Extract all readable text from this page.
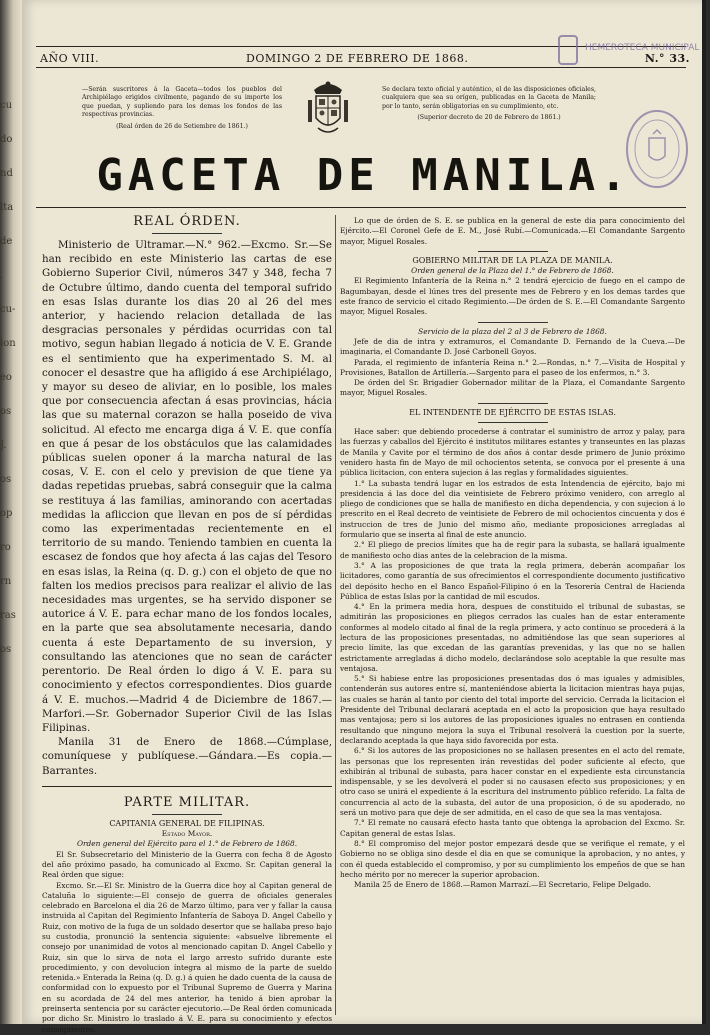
cu
do
nd
lta
de
.
cu-
ion
eo
os
J.
os
op
ro
rn
ras
os
AÑO VIII.	DOMINGO 2 DE FEBRERO DE 1868.	N.° 33.
—Serán suscritores á la Gaceta—todos los pueblos del Archipiélago erigidos civilmente, pagando de su importe los que puedan, y supliendo para los demas los fondos de las respectivas provincias.
(Real órden de 26 de Setiembre de 1861.)
Se declara texto oficial y auténtico, el de las disposiciones oficiales, cualquiera que sea su orígen, publicadas en la Gaceta de Manila; por lo tanto, serán obligatorias en su cumplimiento, etc.
(Superior decreto de 20 de Febrero de 1861.)
HEMEROTECA MUNICIPAL
GACETA DE MANILA.
REAL ÓRDEN.

Ministerio de Ultramar.—N.° 962.—Excmo. Sr.—Se han recibido en este Ministerio las cartas de ese Gobierno Superior Civil, números 347 y 348, fecha 7 de Octubre último, dando cuenta del temporal sufrido en esas Islas durante los dias 20 al 26 del mes anterior, y haciendo relacion detallada de las desgracias personales y pérdidas ocurridas con tal motivo, segun habian llegado á noticia de V. E. Grande es el sentimiento que ha experimentado S. M. al conocer el desastre que ha afligido á ese Archipiélago, y mayor su deseo de aliviar, en lo posible, los males que por consecuencia afectan á esas provincias, hácia las que su maternal corazon se halla poseido de viva solicitud. Al efecto me encarga diga á V. E. que confía en que á pesar de los obstáculos que las calamidades públicas suelen oponer á la marcha natural de las cosas, V. E. con el celo y prevision de que tiene ya dadas repetidas pruebas, sabrá conseguir que la calma se restituya á las familias, aminorando con acertadas medidas la afliccion que llevan en pos de sí pérdidas como las experimentadas recientemente en el territorio de su mando. Teniendo tambien en cuenta la escasez de fondos que hoy afecta á las cajas del Tesoro en esas islas, la Reina (q. D. g.) con el objeto de que no falten los medios precisos para realizar el alivio de las necesidades mas urgentes, se ha servido disponer se autorice á V. E. para echar mano de los fondos locales, en la parte que sea absolutamente necesaria, dando cuenta á este Departamento de su inversion, y consultando las atenciones que no sean de carácter perentorio. De Real órden lo digo á V. E. para su conocimiento y efectos correspondientes. Dios guarde á V. E. muchos.—Madrid 4 de Diciembre de 1867.—Marfori.—Sr. Gobernador Superior Civil de las Islas Filipinas.

Manila 31 de Enero de 1868.—Cúmplase, comuníquese y publíquese.—Gándara.—Es copia.—Barrantes.

PARTE MILITAR.
CAPITANIA GENERAL DE FILIPINAS.
Estado Mayor.
Orden general del Ejército para el 1.° de Febrero de 1868.

El Sr. Subsecretario del Ministerio de la Guerra con fecha 8 de Agosto del año próximo pasado, ha comunicado al Excmo. Sr. Capitan general la Real órden que sigue:

Excmo. Sr.—El Sr. Ministro de la Guerra dice hoy al Capitan general de Cataluña lo siguiente:—El consejo de guerra de oficiales generales celebrado en Barcelona el dia 26 de Marzo último, para ver y fallar la causa instruida al Capitan del Regimiento Infantería de Saboya D. Angel Cabello y Ruiz, con motivo de la fuga de un soldado desertor que se hallaba preso bajo su custodia, pronunció la sentencia siguiente: «absuelve libremente el consejo por unanimidad de votos al mencionado capitan D. Angel Cabello y Ruiz, sin que lo sirva de nota el largo arresto sufrido durante este procedimiento, y con devolucion íntegra al mismo de la parte de sueldo retenida.» Enterada la Reina (q. D. g.) á quien he dado cuenta de la causa de conformidad con lo expuesto por el Tribunal Supremo de Guerra y Marina en su acordada de 24 del mes anterior, ha tenido á bien aprobar la preinserta sentencia por su carácter ejecutorio.—De Real órden comunicada por dicho Sr. Ministro lo traslado á V. E. para su conocimiento y efectos consiguientes.

Lo que de órden de S. E. se publica en la general de este dia para conocimiento del Ejército.—El Coronel Gefe de E. M., José Rubí.—Comunicada.—El Comandante Sargento mayor, Miguel Rosales.

GOBIERNO MILITAR DE LA PLAZA DE MANILA.
Orden general de la Plaza del 1.° de Febrero de 1868.

El Regimiento Infantería de la Reina n.° 2 tendrá ejercicio de fuego en el campo de Bagumbayan, desde el lúnes tres del presente mes de Febrero y en los demas tardes que este franco de servicio el citado Regimiento.—De órden de S. E.—El Comandante Sargento mayor, Miguel Rosales.

Servicio de la plaza del 2 al 3 de Febrero de 1868.

Jefe de dia de intra y extramuros, el Comandante D. Fernando de la Cueva.—De imaginaria, el Comandante D. José Carbonell Goyos.

Parada, el regimiento de infantería Reina n.° 2.—Rondas, n.° 7.—Visita de Hospital y Provisiones, Batallon de Artillería.—Sargento para el paseo de los enfermos, n.° 3.

De órden del Sr. Brigadier Gobernador militar de la Plaza, el Comandante Sargento mayor, Miguel Rosales.

EL INTENDENTE DE EJÉRCITO DE ESTAS ISLAS.

Hace saber: que debiendo procederse á contratar el suministro de arroz y palay, para las fuerzas y caballos del Ejército é institutos militares estantes y transeuntes en las plazas de Manila y Cavite por el término de dos años á contar desde primero de Junio próximo venidero hasta fin de Mayo de mil ochocientos setenta, se convoca por el presente á una pública licitacion, con entera sujecion á las reglas y formalidades siguientes.

1.° La subasta tendrá lugar en los estrados de esta Intendencia de ejército, bajo mi presidencia á las doce del dia veintisiete de Febrero próximo venidero, con arreglo al pliego de condiciones que se halla de manifiesto en dicha dependencia, y con sujecion á lo prescrito en el Real decreto de veintisiete de Febrero de mil ochocientos cincuenta y dos é instruccion de tres de Junio del mismo año, mediante proposiciones arregladas al formulario que se inserta al final de este anuncio.

2.° El pliego de precios límites que ha de regir para la subasta, se hallará igualmente de manifiesto ocho dias antes de la celebracion de la misma.

3.° A las proposiciones de que trata la regla primera, deberán acompañar los licitadores, como garantía de sus ofrecimientos el correspondiente documento justificativo del depósito hecho en el Banco Español-Filipino ó en la Tesorería Central de Hacienda Pública de estas Islas por la cantidad de mil escudos.

4.° En la primera media hora, despues de constituido el tribunal de subastas, se admitirán las proposiciones en pliegos cerrados las cuales han de estar enteramente conformes al modelo citado al final de la regla primera, y acto contínuo se procederá á la lectura de las proposiciones presentadas, no admitiéndose las que sean superiores al precio límite, las que excedan de las garantías prevenidas, y las que no se hallen estrictamente arregladas á dicho modelo, declarándose solo aceptable la que resulte mas ventajosa.

5.° Si habiese entre las proposiciones presentadas dos ó mas iguales y admisibles, contenderán sus autores entre sí, manteniéndose abierta la licitacion mientras haya pujas, las cuales se harán al tanto por ciento del total importe del servicio. Cerrada la licitacion el Presidente del Tribunal declarará aceptada en el acto la proposicion que haya resultado mas ventajosa; pero si los autores de las proposiciones iguales no entrasen en contienda resultando que ninguno mejora la suya el Tribunal resolverá la cuestion por la suerte, declarando aceptada la que haya sido favorecida por esta.

6.° Si los autores de las proposiciones no se hallasen presentes en el acto del remate, las personas que los representen irán revestidas del poder suficiente al efecto, que exhibirán al tribunal de subasta, para hacer constar en el expediente esta circunstancia indispensable, y se les devolverá el poder si no causasen efecto sus proposiciones; y en otro caso se unirá el expediente á la escritura del instrumento público referido. La falta de concurrencia al acto de la subasta, del autor de una proposicion, ó de su apoderado, no será un motivo para que deje de ser admitida, en el caso de que sea la mas ventajosa.

7.° El remate no causará efecto hasta tanto que obtenga la aprobacion del Excmo. Sr. Capitan general de estas Islas.

8.° El compromiso del mejor postor empezará desde que se verifique el remate, y el Gobierno no se obliga sino desde el dia en que se comunique la aprobacion, y no antes, y con él queda establecido el compromiso, y por su cumplimiento los empeños de que se han hecho mérito por no merecer la superior aprobacion.

Manila 25 de Enero de 1868.—Ramon Marrazí.—El Secretario, Felipe Delgado.
